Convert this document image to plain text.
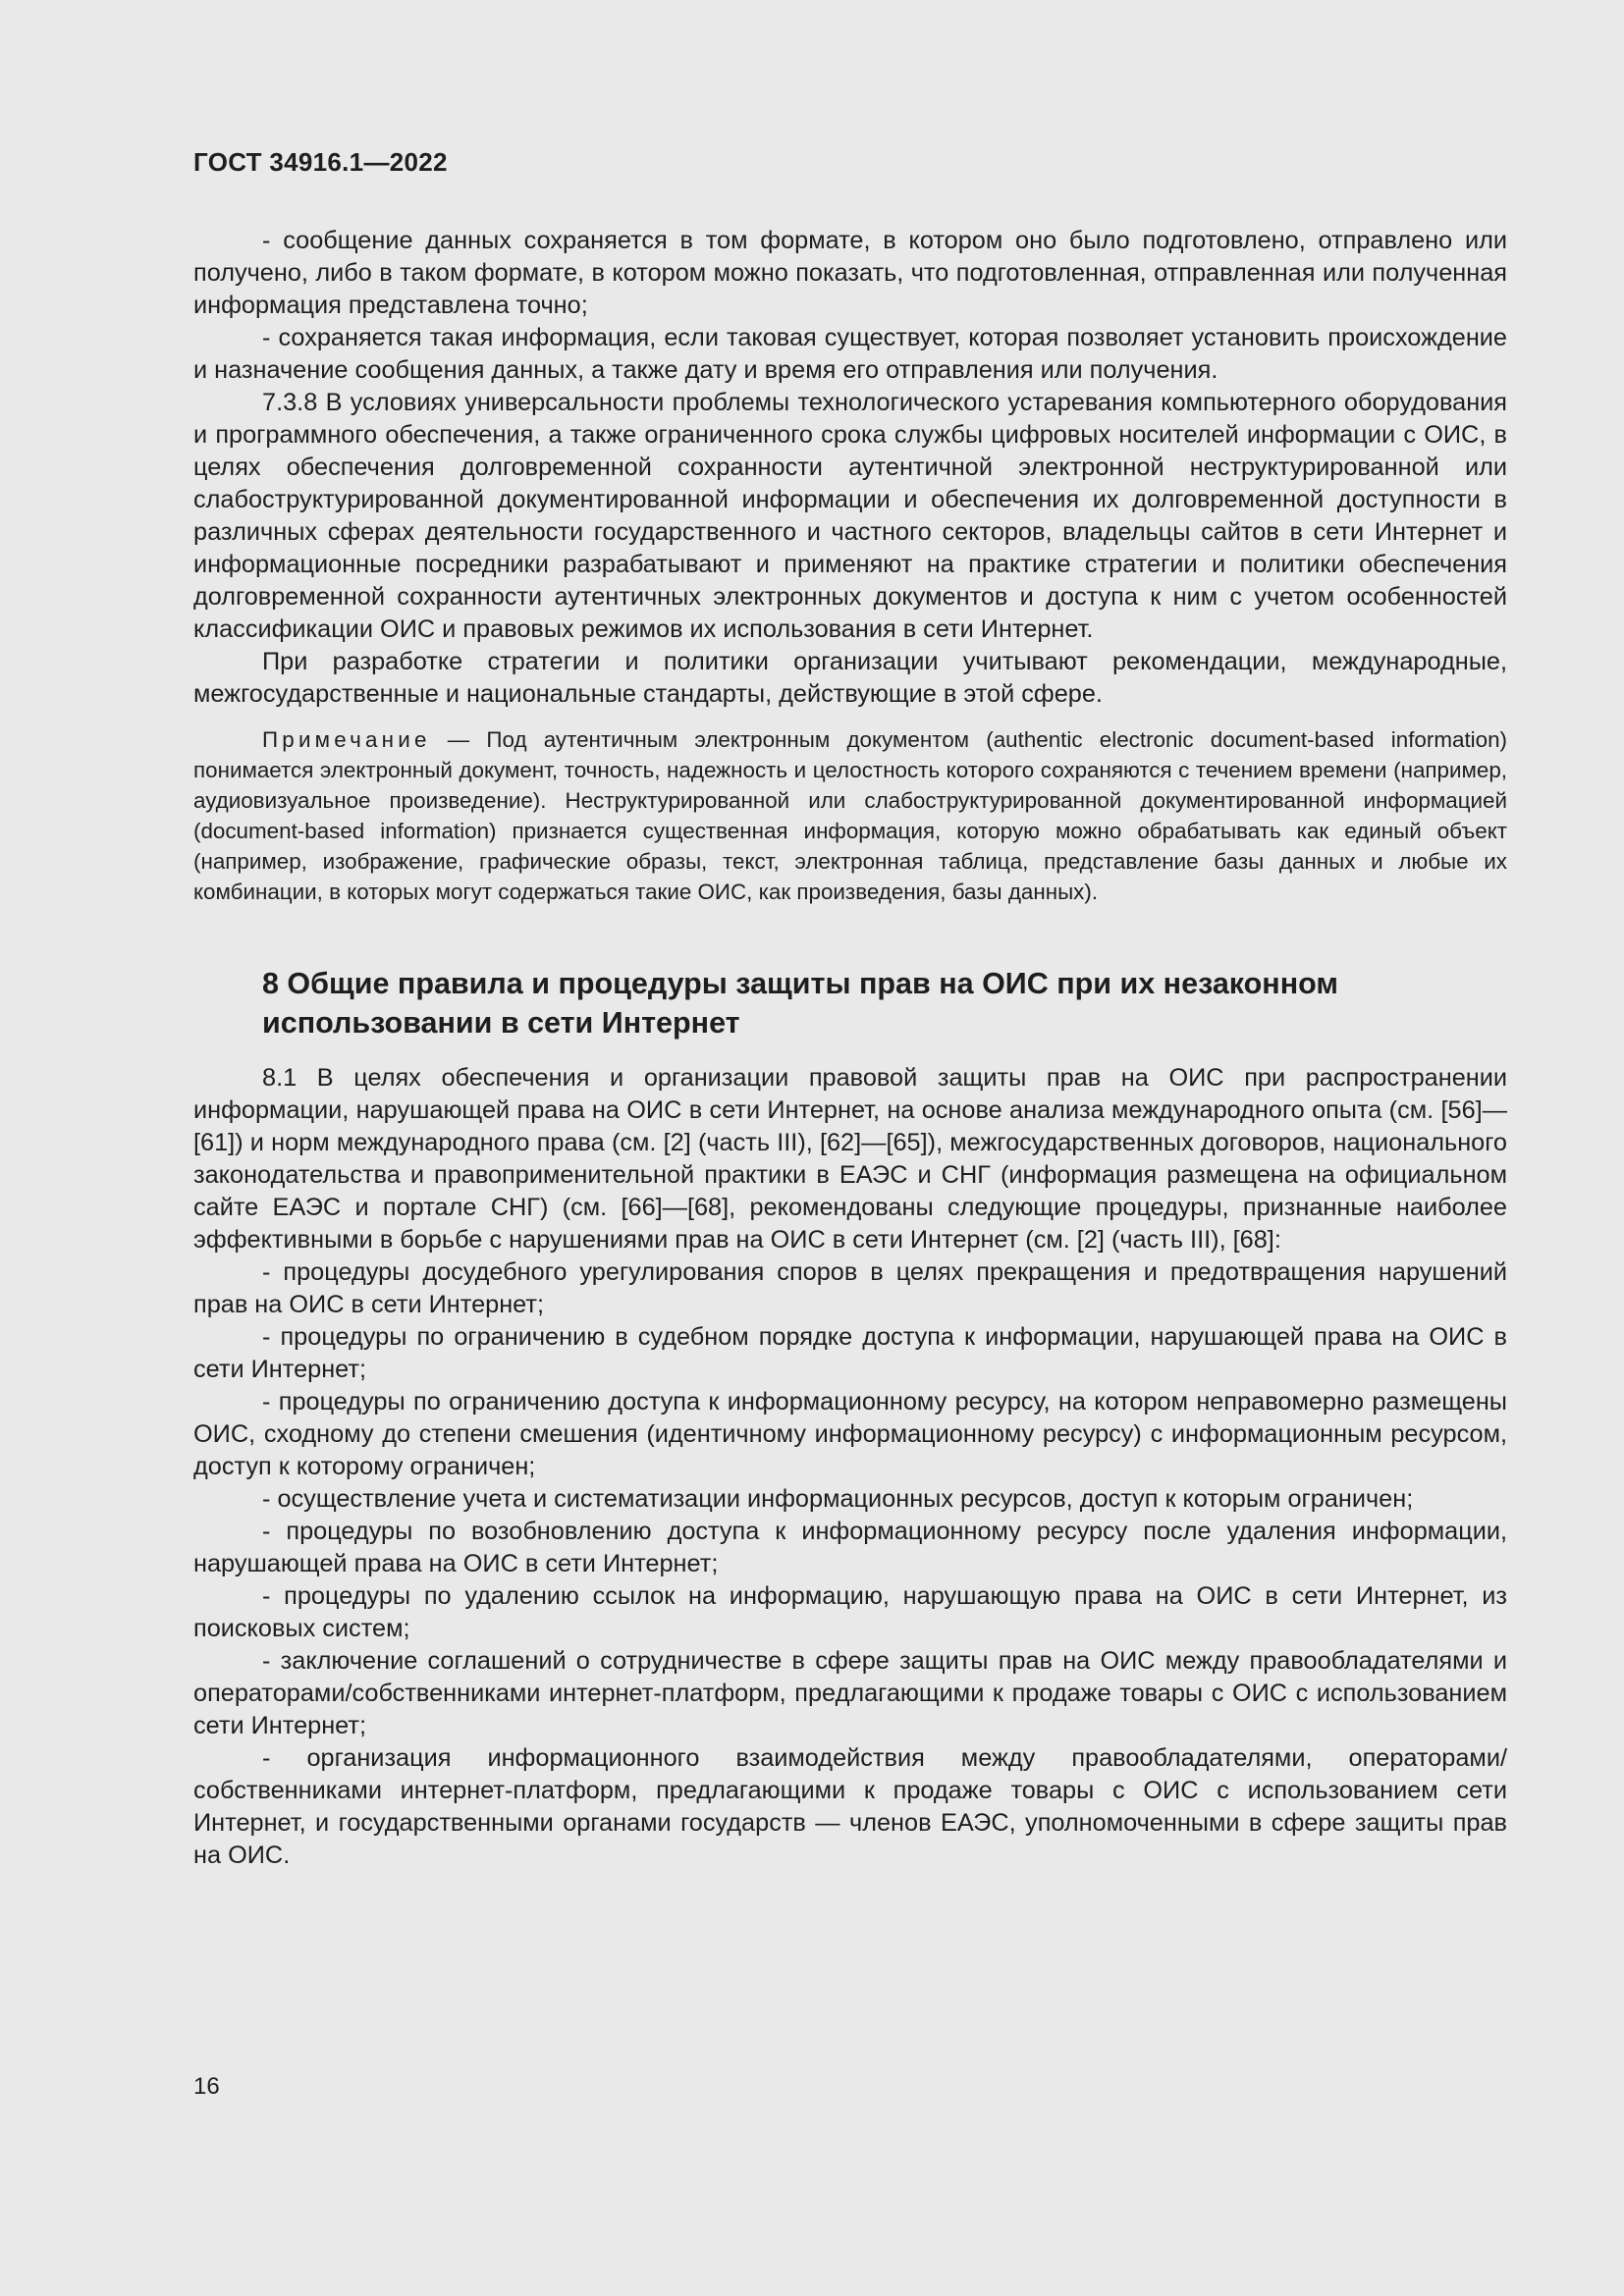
ГОСТ 34916.1—2022

- сообщение данных сохраняется в том формате, в котором оно было подготовлено, отправлено или получено, либо в таком формате, в котором можно показать, что подготовленная, отправленная или полученная информация представлена точно;

- сохраняется такая информация, если таковая существует, которая позволяет установить происхождение и назначение сообщения данных, а также дату и время его отправления или получения.

7.3.8 В условиях универсальности проблемы технологического устаревания компьютерного оборудования и программного обеспечения, а также ограниченного срока службы цифровых носителей информации с ОИС, в целях обеспечения долговременной сохранности аутентичной электронной неструктурированной или слабоструктурированной документированной информации и обеспечения их долговременной доступности в различных сферах деятельности государственного и частного секторов, владельцы сайтов в сети Интернет и информационные посредники разрабатывают и применяют на практике стратегии и политики обеспечения долговременной сохранности аутентичных электронных документов и доступа к ним с учетом особенностей классификации ОИС и правовых режимов их использования в сети Интернет.

При разработке стратегии и политики организации учитывают рекомендации, международные, межгосударственные и национальные стандарты, действующие в этой сфере.

Примечание — Под аутентичным электронным документом (authentic electronic document-based information) понимается электронный документ, точность, надежность и целостность которого сохраняются с течением времени (например, аудиовизуальное произведение). Неструктурированной или слабоструктурированной документированной информацией (document-based information) признается существенная информация, которую можно обрабатывать как единый объект (например, изображение, графические образы, текст, электронная таблица, представление базы данных и любые их комбинации, в которых могут содержаться такие ОИС, как произведения, базы данных).
8 Общие правила и процедуры защиты прав на ОИС при их незаконном использовании в сети Интернет

8.1 В целях обеспечения и организации правовой защиты прав на ОИС при распространении информации, нарушающей права на ОИС в сети Интернет, на основе анализа международного опыта (см. [56]—[61]) и норм международного права (см. [2] (часть III), [62]—[65]), межгосударственных договоров, национального законодательства и правоприменительной практики в ЕАЭС и СНГ (информация размещена на официальном сайте ЕАЭС и портале СНГ) (см. [66]—[68], рекомендованы следующие процедуры, признанные наиболее эффективными в борьбе с нарушениями прав на ОИС в сети Интернет (см. [2] (часть III), [68]:

- процедуры досудебного урегулирования споров в целях прекращения и предотвращения нарушений прав на ОИС в сети Интернет;

- процедуры по ограничению в судебном порядке доступа к информации, нарушающей права на ОИС в сети Интернет;

- процедуры по ограничению доступа к информационному ресурсу, на котором неправомерно размещены ОИС, сходному до степени смешения (идентичному информационному ресурсу) с информационным ресурсом, доступ к которому ограничен;

- осуществление учета и систематизации информационных ресурсов, доступ к которым ограничен;

- процедуры по возобновлению доступа к информационному ресурсу после удаления информации, нарушающей права на ОИС в сети Интернет;

- процедуры по удалению ссылок на информацию, нарушающую права на ОИС в сети Интернет, из поисковых систем;

- заключение соглашений о сотрудничестве в сфере защиты прав на ОИС между правообладателями и операторами/собственниками интернет-платформ, предлагающими к продаже товары с ОИС с использованием сети Интернет;

- организация информационного взаимодействия между правообладателями, операторами/собственниками интернет-платформ, предлагающими к продаже товары с ОИС с использованием сети Интернет, и государственными органами государств — членов ЕАЭС, уполномоченными в сфере защиты прав на ОИС.

16
